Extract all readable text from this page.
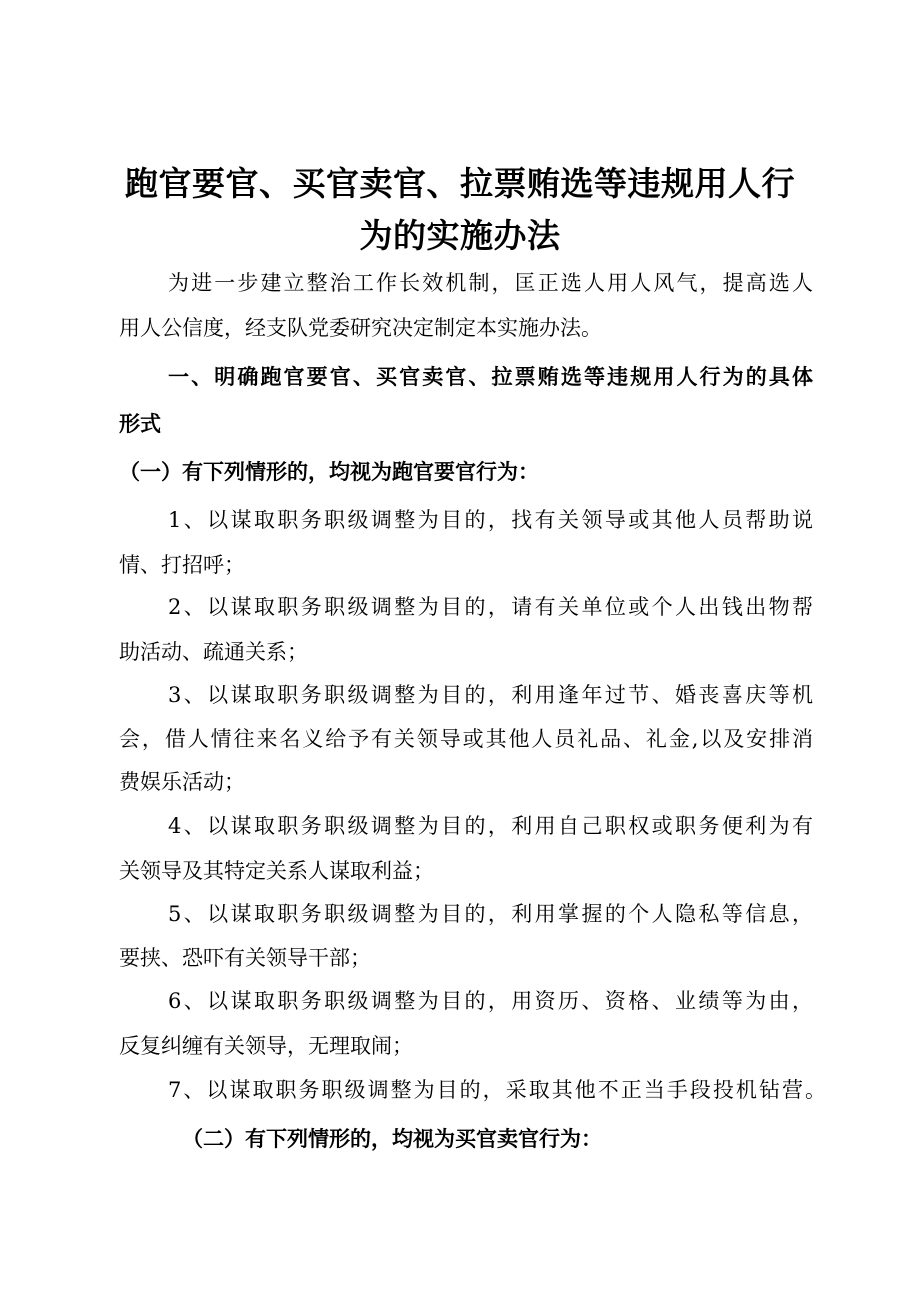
跑官要官、买官卖官、拉票贿选等违规用人行
为的实施办法
为进一步建立整治工作长效机制，匡正选人用人风气，提高选人
用人公信度，经支队党委研究决定制定本实施办法。
一、明确跑官要官、买官卖官、拉票贿选等违规用人行为的具体
形式
（一）有下列情形的，均视为跑官要官行为：
1、以谋取职务职级调整为目的，找有关领导或其他人员帮助说
情、打招呼；
2、以谋取职务职级调整为目的，请有关单位或个人出钱出物帮
助活动、疏通关系；
3、以谋取职务职级调整为目的，利用逢年过节、婚丧喜庆等机
会，借人情往来名义给予有关领导或其他人员礼品、礼金,以及安排消
费娱乐活动；
4、以谋取职务职级调整为目的，利用自己职权或职务便利为有
关领导及其特定关系人谋取利益；
5、以谋取职务职级调整为目的，利用掌握的个人隐私等信息，
要挟、恐吓有关领导干部；
6、以谋取职务职级调整为目的，用资历、资格、业绩等为由，
反复纠缠有关领导，无理取闹；
7、以谋取职务职级调整为目的，采取其他不正当手段投机钻营。
（二）有下列情形的，均视为买官卖官行为：
